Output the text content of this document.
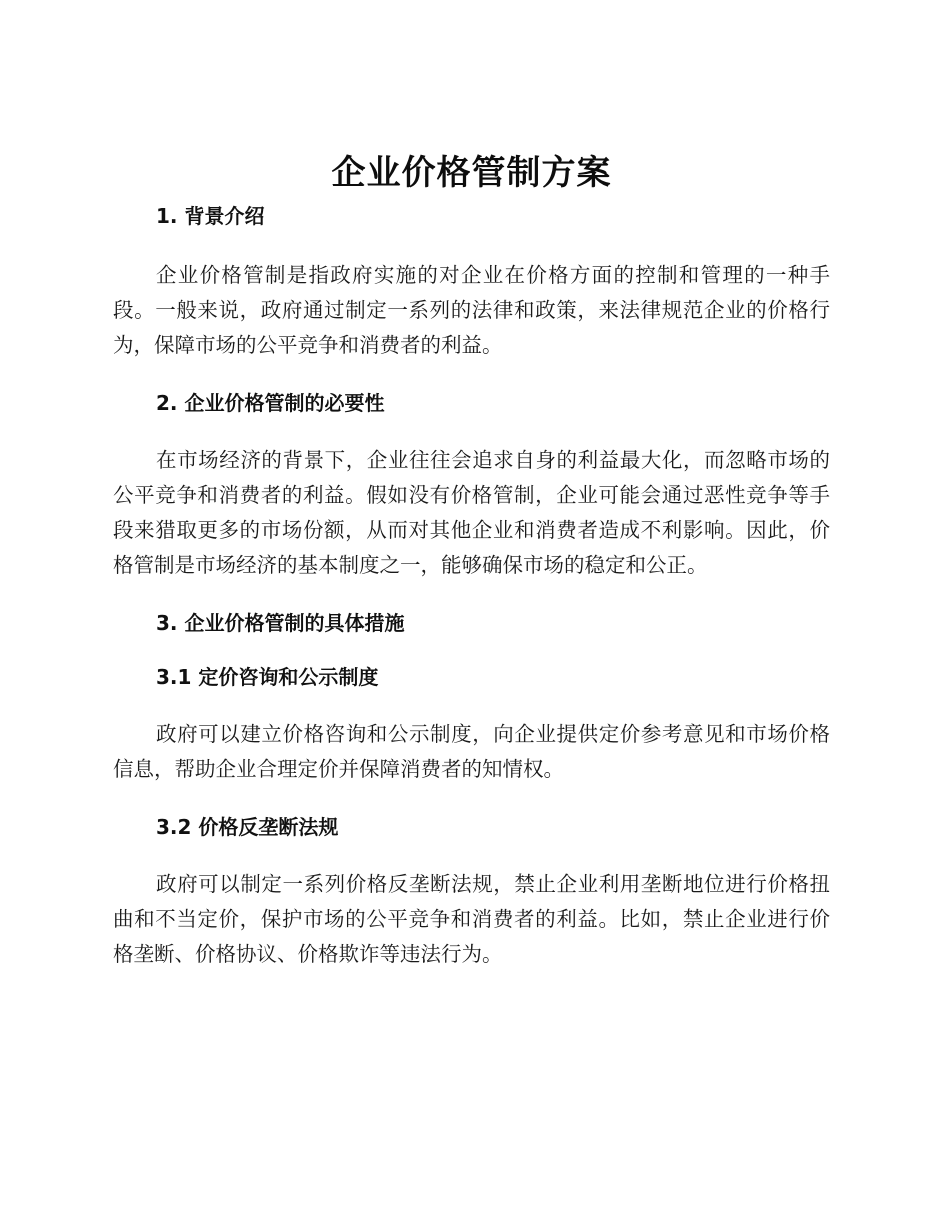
企业价格管制方案
1. 背景介绍

企业价格管制是指政府实施的对企业在价格方面的控制和管理的一种手段。一般来说，政府通过制定一系列的法律和政策，来法律规范企业的价格行为，保障市场的公平竞争和消费者的利益。

2. 企业价格管制的必要性

在市场经济的背景下，企业往往会追求自身的利益最大化，而忽略市场的公平竞争和消费者的利益。假如没有价格管制，企业可能会通过恶性竞争等手段来猎取更多的市场份额，从而对其他企业和消费者造成不利影响。因此，价格管制是市场经济的基本制度之一，能够确保市场的稳定和公正。

3. 企业价格管制的具体措施
3.1 定价咨询和公示制度

政府可以建立价格咨询和公示制度，向企业提供定价参考意见和市场价格信息，帮助企业合理定价并保障消费者的知情权。

3.2 价格反垄断法规

政府可以制定一系列价格反垄断法规，禁止企业利用垄断地位进行价格扭曲和不当定价，保护市场的公平竞争和消费者的利益。比如，禁止企业进行价格垄断、价格协议、价格欺诈等违法行为。
